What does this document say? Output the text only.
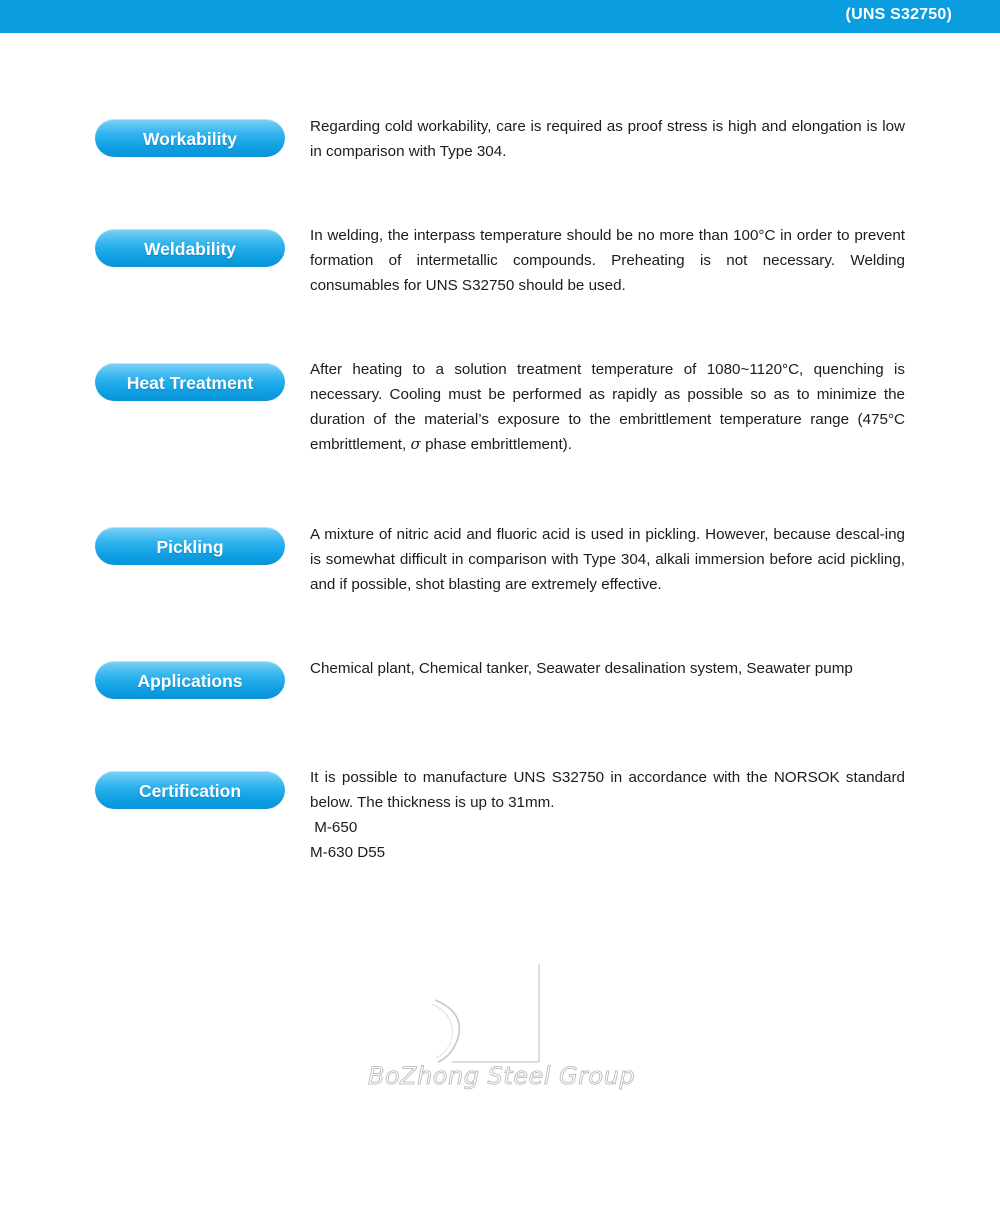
(UNS S32750)
Workability

Regarding cold workability, care is required as proof stress is high and elongation is low in comparison with Type 304.

Weldability

In welding, the interpass temperature should be no more than 100°C in order to prevent formation of intermetallic compounds. Preheating is not necessary. Welding consumables for UNS S32750 should be used.

Heat Treatment

After heating to a solution treatment temperature of 1080~1120°C, quenching is necessary. Cooling must be performed as rapidly as possible so as to minimize the duration of the material’s exposure to the embrittlement temperature range (475°C embrittlement, σ phase embrittlement).

Pickling

A mixture of nitric acid and fluoric acid is used in pickling. However, because descal-ing is somewhat difficult in comparison with Type 304, alkali immersion before acid pickling, and if possible, shot blasting are extremely effective.

Applications

Chemical plant, Chemical tanker, Seawater desalination system, Seawater pump

Certification

It is possible to manufacture UNS S32750 in accordance with the NORSOK standard below. The thickness is up to 31mm.

M-650

M-630 D55

BoZhong Steel Group
